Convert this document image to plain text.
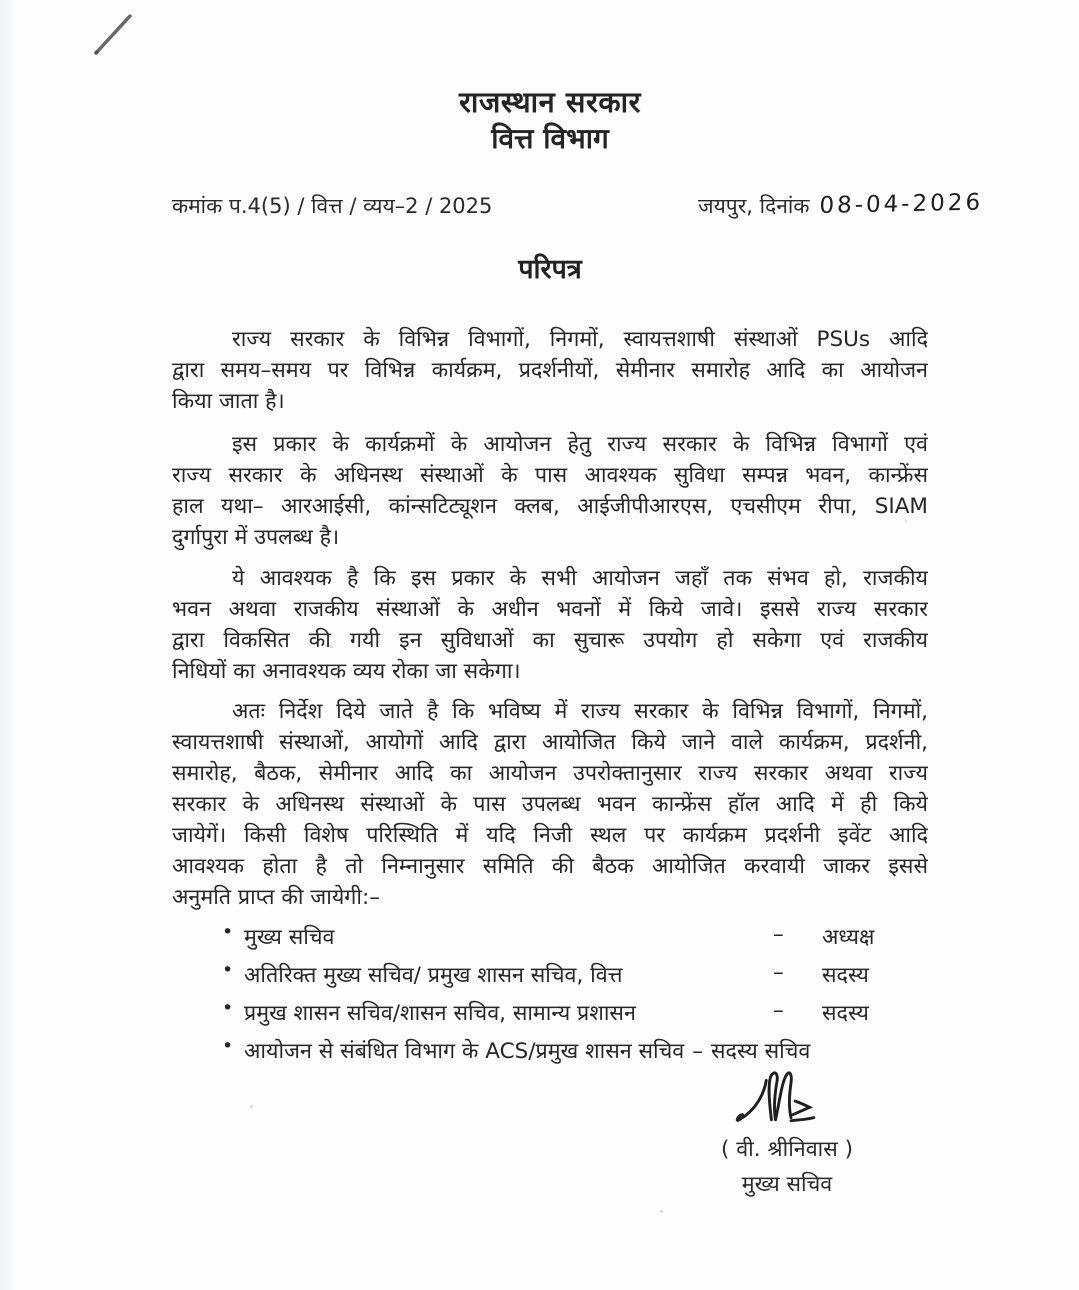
राजस्थान सरकार
वित्त विभाग
कमांक प.4(5) / वित्त / व्यय–2 / 2025	जयपुर, दिनांक 08-04-2026
परिपत्र
राज्य सरकार के विभिन्न विभागों, निगमों, स्वायत्तशाषी संस्थाओं PSUs आदि
द्वारा समय–समय पर विभिन्न कार्यक्रम, प्रदर्शनीयों, सेमीनार समारोह आदि का आयोजन
किया जाता है।
इस प्रकार के कार्यक्रमों के आयोजन हेतु राज्य सरकार के विभिन्न विभागों एवं
राज्य सरकार के अधिनस्थ संस्थाओं के पास आवश्यक सुविधा सम्पन्न भवन, कान्फ्रेंस
हाल यथा– आरआईसी, कांन्सटिट्यूशन क्लब, आईजीपीआरएस, एचसीएम रीपा, SIAM
दुर्गापुरा में उपलब्ध है।
ये आवश्यक है कि इस प्रकार के सभी आयोजन जहाँ तक संभव हो, राजकीय
भवन अथवा राजकीय संस्थाओं के अधीन भवनों में किये जावे। इससे राज्य सरकार
द्वारा विकसित की गयी इन सुविधाओं का सुचारू उपयोग हो सकेगा एवं राजकीय
निधियों का अनावश्यक व्यय रोका जा सकेगा।
अतः निर्देश दिये जाते है कि भविष्य में राज्य सरकार के विभिन्न विभागों, निगमों,
स्वायत्तशाषी संस्थाओं, आयोगों आदि द्वारा आयोजित किये जाने वाले कार्यक्रम, प्रदर्शनी,
समारोह, बैठक, सेमीनार आदि का आयोजन उपरोक्तानुसार राज्य सरकार अथवा राज्य
सरकार के अधिनस्थ संस्थाओं के पास उपलब्ध भवन कान्फ्रेंस हॉल आदि में ही किये
जायेगें। किसी विशेष परिस्थिति में यदि निजी स्थल पर कार्यक्रम प्रदर्शनी इवेंट आदि
आवश्यक होता है तो निम्नानुसार समिति की बैठक आयोजित करवायी जाकर इससे
अनुमति प्राप्त की जायेगी:–
• मुख्य सचिव	– अध्यक्ष
• अतिरिक्त मुख्य सचिव/ प्रमुख शासन सचिव, वित्त	– सदस्य
• प्रमुख शासन सचिव/शासन सचिव, सामान्य प्रशासन	– सदस्य
• आयोजन से संबंधित विभाग के ACS/प्रमुख शासन सचिव – सदस्य सचिव
( वी. श्रीनिवास )
मुख्य सचिव
